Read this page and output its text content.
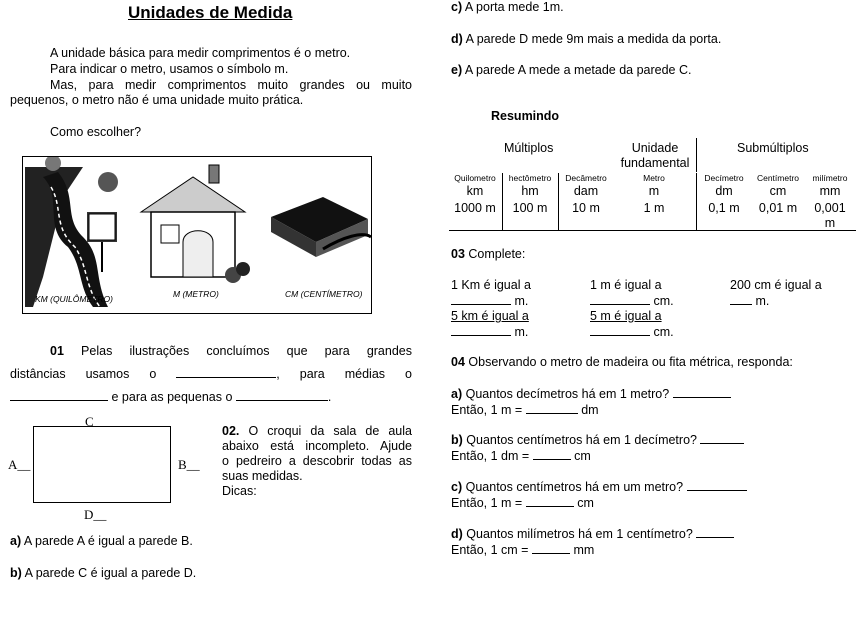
Unidades de Medida
A unidade básica para medir comprimentos é o metro.
Para indicar o metro, usamos o símbolo m.
Mas, para medir comprimentos muito grandes ou muito
pequenos, o metro não é uma unidade muito prática.
Como escolher?
KM (QUILÔMETRO)	M (METRO)	CM (CENTÍMETRO)
01 Pelas ilustrações concluímos que para grandes
distâncias usamos o	, para médias o
e para as pequenas o	.
C
A__	B__
D__
02. O croqui da sala de aula
abaixo está incompleto. Ajude
o pedreiro a descobrir todas as
suas medidas.
Dicas:
a) A parede A é igual a parede B.
b) A parede C é igual a parede D.
c) A porta mede 1m.
d) A parede D mede 9m mais a medida da porta.
e) A parede A mede a metade da parede C.
Resumindo
Múltiplos	Unidade
fundamental
Submúltiplos
Quilometro	hectômetro	Decâmetro	Metro	Decímetro	Centímetro	milímetro
km	hm	dam	m	dm	cm	mm
1000 m	100 m	10 m	1 m	0,1 m	0,01 m	0,001
m
03 Complete:
1 Km é igual a
m.
1 m é igual a
cm.
200 cm é igual a
m.
5 km é igual a
m.
5 m é igual a
cm.
04 Observando o metro de madeira ou fita métrica, responda:
a) Quantos decímetros há em 1 metro?
Então, 1 m =	dm
b) Quantos centímetros há em 1 decímetro?
Então, 1 dm =	cm
c) Quantos centímetros há em um metro?
Então, 1 m =	cm
d) Quantos milímetros há em 1 centímetro?
Então, 1 cm =	mm
